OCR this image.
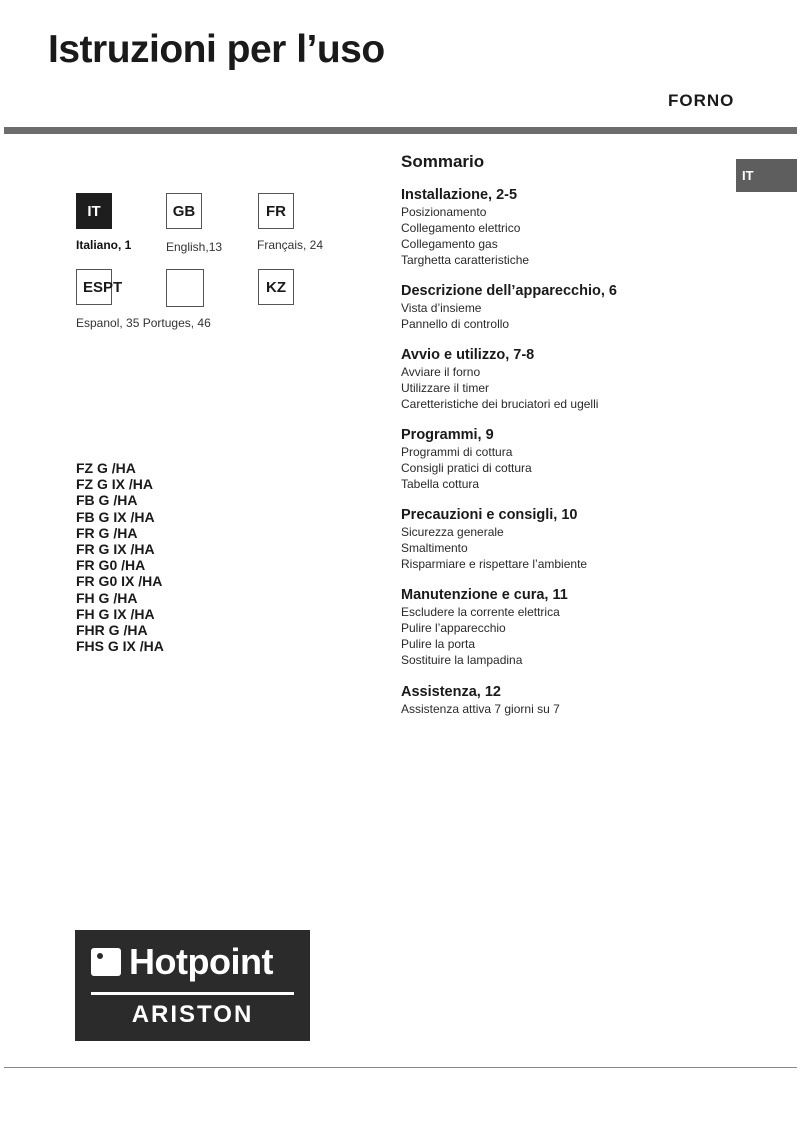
Istruzioni per l’uso
FORNO
IT
Italiano, 1
GB
English,13
FR
Français, 24
ESPT
Espanol, 35 Portuges, 46
KZ
FZ G /HA
FZ G IX /HA
FB G /HA
FB G IX /HA
FR G /HA
FR G IX /HA
FR G0 /HA
FR G0 IX /HA
FH G /HA
FH G IX /HA
FHR G /HA
FHS G IX /HA
Sommario
Installazione, 2-5
Posizionamento
Collegamento elettrico
Collegamento gas
Targhetta caratteristiche
Descrizione dell’apparecchio, 6
Vista d’insieme
Pannello di controllo
Avvio e utilizzo, 7-8
Avviare il forno
Utilizzare il timer
Caretteristiche dei bruciatori ed ugelli
Programmi, 9
Programmi di cottura
Consigli pratici di cottura
Tabella cottura
Precauzioni e consigli, 10
Sicurezza generale
Smaltimento
Risparmiare e rispettare l’ambiente
Manutenzione e cura, 11
Escludere la corrente elettrica
Pulire l’apparecchio
Pulire la porta
Sostituire la lampadina
Assistenza, 12
Assistenza attiva 7 giorni su 7
IT
Hotpoint
ARISTON
